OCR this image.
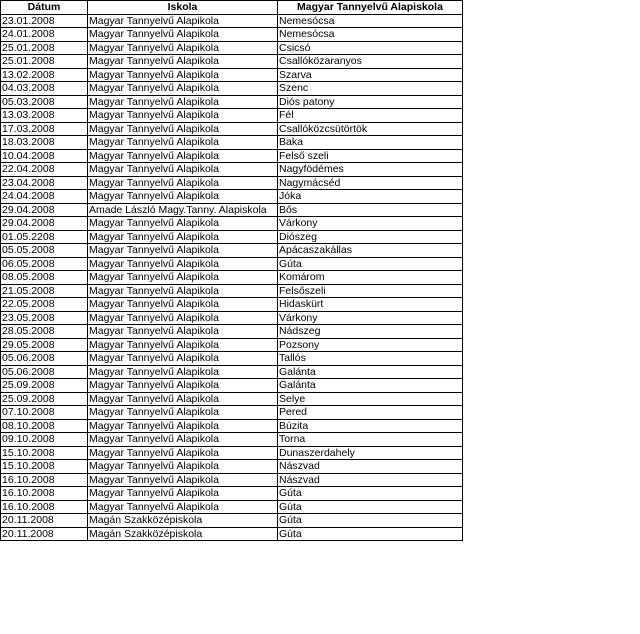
Dátum	Iskola	Magyar Tannyelvű Alapiskola
23.01.2008	Magyar Tannyelvű Alapikola	Nemesócsa
24.01.2008	Magyar Tannyelvű Alapikola	Nemesócsa
25.01.2008	Magyar Tannyelvű Alapikola	Csicsó
25.01.2008	Magyar Tannyelvű Alapikola	Csallóközaranyos
13.02.2008	Magyar Tannyelvű Alapikola	Szarva
04.03.2008	Magyar Tannyelvű Alapikola	Szenc
05.03.2008	Magyar Tannyelvű Alapikola	Diós patony
13.03.2008	Magyar Tannyelvű Alapikola	Fél
17.03.2008	Magyar Tannyelvű Alapikola	Csallóközcsütörtök
18.03.2008	Magyar Tannyelvű Alapikola	Baka
10.04.2008	Magyar Tannyelvű Alapikola	Felső szeli
22.04.2008	Magyar Tannyelvű Alapikola	Nagyfödémes
23.04.2008	Magyar Tannyelvű Alapikola	Nagymácséd
24.04.2008	Magyar Tannyelvű Alapikola	Jóka
29.04.2008	Amade László Magy.Tanny. Alapiskola	Bős
29.04.2008	Magyar Tannyelvű Alapikola	Várkony
01.05.2208	Magyar Tannyelvű Alapikola	Diószeg
05.05.2008	Magyar Tannyelvű Alapikola	Apácaszakállas
06.05.2008	Magyar Tannyelvű Alapikola	Gúta
08.05.2008	Magyar Tannyelvű Alapikola	Komárom
21.05.2008	Magyar Tannyelvű Alapikola	Felsőszeli
22.05.2008	Magyar Tannyelvű Alapikola	Hidaskürt
23.05.2008	Magyar Tannyelvű Alapikola	Várkony
28.05.2008	Magyar Tannyelvű Alapikola	Nádszeg
29.05.2008	Magyar Tannyelvű Alapikola	Pozsony
05.06.2008	Magyar Tannyelvű Alapikola	Tallós
05.06.2008	Magyar Tannyelvű Alapikola	Galánta
25.09.2008	Magyar Tannyelvű Alapikola	Galánta
25.09.2008	Magyar Tannyelvű Alapikola	Selye
07.10.2008	Magyar Tannyelvű Alapikola	Pered
08.10.2008	Magyar Tannyelvű Alapikola	Búzita
09.10.2008	Magyar Tannyelvű Alapikola	Torna
15.10.2008	Magyar Tannyelvű Alapikola	Dunaszerdahely
15.10.2008	Magyar Tannyelvű Alapikola	Nászvad
16.10.2008	Magyar Tannyelvű Alapikola	Nászvad
16.10.2008	Magyar Tannyelvű Alapikola	Gúta
16.10.2008	Magyar Tannyelvű Alapikola	Gúta
20.11.2008	Magán Szakközépiskola	Gúta
20.11.2008	Magán Szakközépiskola	Gúta
